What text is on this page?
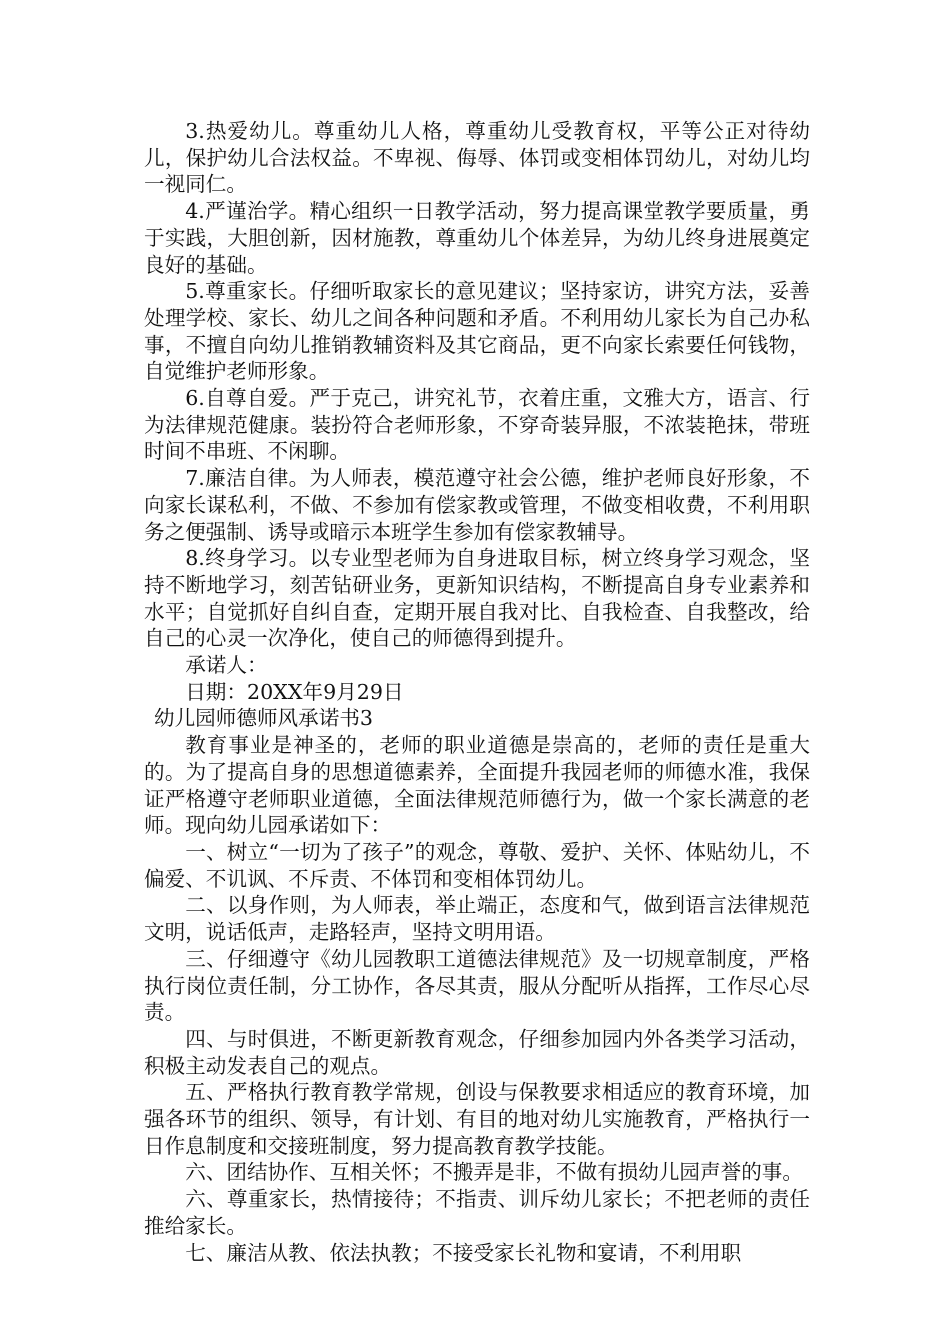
3.热爱幼儿。尊重幼儿人格，尊重幼儿受教育权，平等公正对待幼儿，保护幼儿合法权益。不卑视、侮辱、体罚或变相体罚幼儿，对幼儿均一视同仁。

4.严谨治学。精心组织一日教学活动，努力提高课堂教学要质量，勇于实践，大胆创新，因材施教，尊重幼儿个体差异，为幼儿终身进展奠定良好的基础。

5.尊重家长。仔细听取家长的意见建议；坚持家访，讲究方法，妥善处理学校、家长、幼儿之间各种问题和矛盾。不利用幼儿家长为自己办私事，不擅自向幼儿推销教辅资料及其它商品，更不向家长索要任何钱物，自觉维护老师形象。

6.自尊自爱。严于克己，讲究礼节，衣着庄重，文雅大方，语言、行为法律规范健康。装扮符合老师形象，不穿奇装异服，不浓装艳抹，带班时间不串班、不闲聊。

7.廉洁自律。为人师表，模范遵守社会公德，维护老师良好形象，不向家长谋私利，不做、不参加有偿家教或管理，不做变相收费，不利用职务之便强制、诱导或暗示本班学生参加有偿家教辅导。

8.终身学习。以专业型老师为自身进取目标，树立终身学习观念，坚持不断地学习，刻苦钻研业务，更新知识结构，不断提高自身专业素养和水平；自觉抓好自纠自查，定期开展自我对比、自我检查、自我整改，给自己的心灵一次净化，使自己的师德得到提升。

承诺人：

日期：20XX年9月29日

幼儿园师德师风承诺书3

教育事业是神圣的，老师的职业道德是崇高的，老师的责任是重大的。为了提高自身的思想道德素养，全面提升我园老师的师德水准，我保证严格遵守老师职业道德，全面法律规范师德行为，做一个家长满意的老师。现向幼儿园承诺如下：

一、树立“一切为了孩子”的观念，尊敬、爱护、关怀、体贴幼儿，不偏爱、不讥讽、不斥责、不体罚和变相体罚幼儿。

二、以身作则，为人师表，举止端正，态度和气，做到语言法律规范文明，说话低声，走路轻声，坚持文明用语。

三、仔细遵守《幼儿园教职工道德法律规范》及一切规章制度，严格执行岗位责任制，分工协作，各尽其责，服从分配听从指挥，工作尽心尽责。

四、与时俱进，不断更新教育观念，仔细参加园内外各类学习活动，积极主动发表自己的观点。

五、严格执行教育教学常规，创设与保教要求相适应的教育环境，加强各环节的组织、领导，有计划、有目的地对幼儿实施教育，严格执行一日作息制度和交接班制度，努力提高教育教学技能。

六、团结协作、互相关怀；不搬弄是非，不做有损幼儿园声誉的事。

六、尊重家长，热情接待；不指责、训斥幼儿家长；不把老师的责任推给家长。

七、廉洁从教、依法执教；不接受家长礼物和宴请，不利用职
